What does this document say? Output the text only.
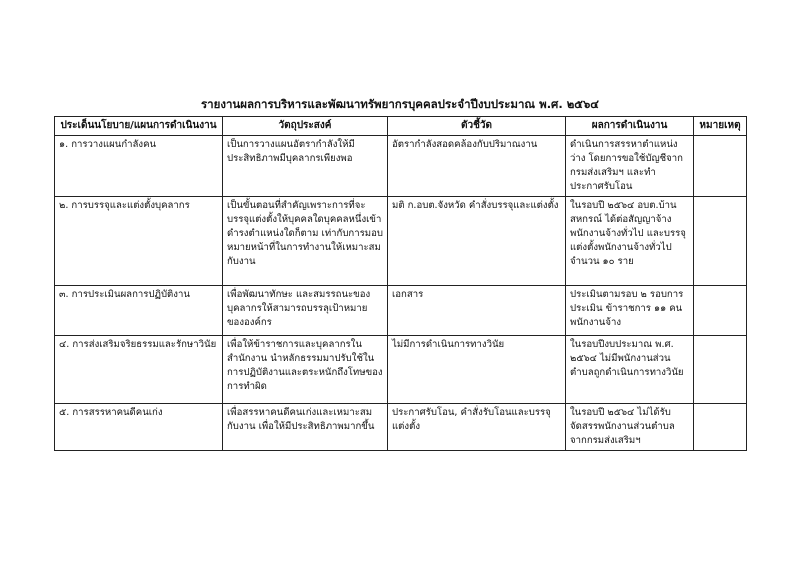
รายงานผลการบริหารและพัฒนาทรัพยากรบุคคลประจำปีงบประมาณ พ.ศ. ๒๕๖๔
ประเด็นนโยบาย/แผนการดำเนินงาน	วัตถุประสงค์	ตัวชี้วัด	ผลการดำเนินงาน	หมายเหตุ
๑. การวางแผนกำลังคน	เป็นการวางแผนอัตรากำลังให้มีประสิทธิภาพมีบุคลากรเพียงพอ	อัตรากำลังสอดคล้องกับปริมาณงาน	ดำเนินการสรรหาตำแหน่งว่าง โดยการขอใช้บัญชีจากกรมส่งเสริมฯ และทำประกาศรับโอน	
๒. การบรรจุและแต่งตั้งบุคลากร	เป็นขั้นตอนที่สำคัญเพราะการที่จะบรรจุแต่งตั้งให้บุคคลใดบุคคลหนึ่งเข้าดำรงตำแหน่งใดก็ตาม เท่ากับการมอบหมายหน้าที่ในการทำงานให้เหมาะสมกับงาน	มติ ก.อบต.จังหวัด คำสั่งบรรจุและแต่งตั้ง	ในรอบปี ๒๕๖๔ อบต.บ้านสหกรณ์ ได้ต่อสัญญาจ้างพนักงานจ้างทั่วไป และบรรจุแต่งตั้งพนักงานจ้างทั่วไป จำนวน ๑๐ ราย	
๓. การประเมินผลการปฏิบัติงาน	เพื่อพัฒนาทักษะ และสมรรถนะของบุคลากรให้สามารถบรรลุเป้าหมายขององค์กร	เอกสาร	ประเมินตามรอบ ๒ รอบการประเมิน ข้าราชการ ๑๑ คน พนักงานจ้าง	
๔. การส่งเสริมจริยธรรมและรักษาวินัย	เพื่อให้ข้าราชการและบุคลากรในสำนักงาน นำหลักธรรมมาปรับใช้ในการปฏิบัติงานและตระหนักถึงโทษของการทำผิด	ไม่มีการดำเนินการทางวินัย	ในรอบปีงบประมาณ พ.ศ. ๒๕๖๔ ไม่มีพนักงานส่วนตำบลถูกดำเนินการทางวินัย	
๕. การสรรหาคนดีคนเก่ง	เพื่อสรรหาคนดีคนเก่งและเหมาะสมกับงาน เพื่อให้มีประสิทธิภาพมากขึ้น	ประกาศรับโอน, คำสั่งรับโอนและบรรจุแต่งตั้ง	ในรอบปี ๒๕๖๔ ไม่ได้รับจัดสรรพนักงานส่วนตำบลจากกรมส่งเสริมฯ	
